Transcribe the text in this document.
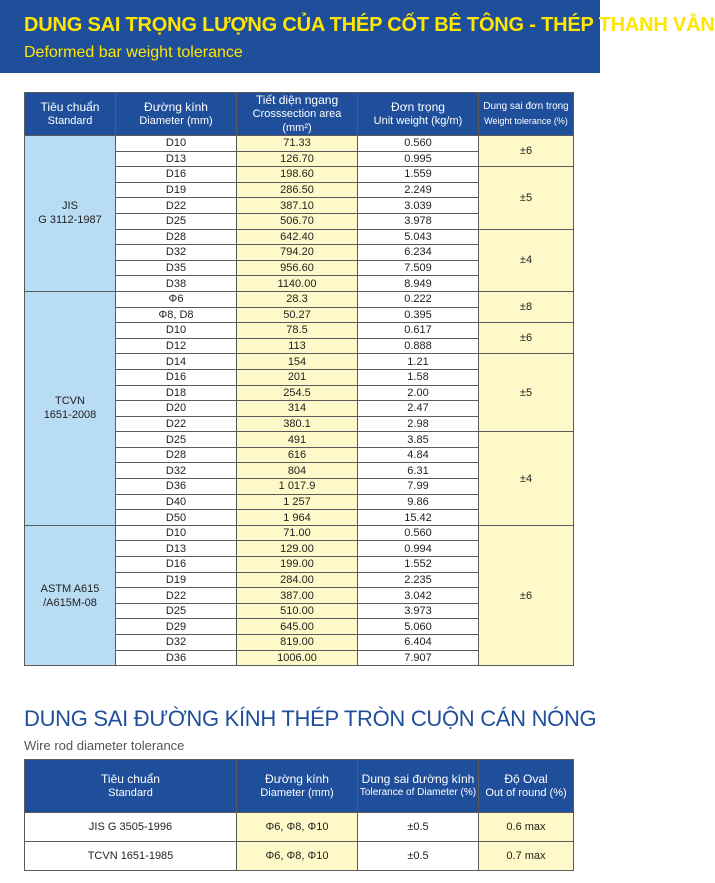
DUNG SAI TRỌNG LƯỢNG CỦA THÉP CỐT BÊ TÔNG - THÉP THANH VẰN
Deformed bar weight tolerance
Tiêu chuẩn
Standard	Đường kính
Diameter (mm)	Tiết diện ngang
Crosssection area (mm²)	Đơn trọng
Unit weight (kg/m)	Dung sai đơn trọng
Weight tolerance (%)

JIS
G 3112-1987	D10	71.33	0.560	±6
	D13	126.70	0.995	
	D16	198.60	1.559	±5
	D19	286.50	2.249	
	D22	387.10	3.039	
	D25	506.70	3.978	
	D28	642.40	5.043	±4
	D32	794.20	6.234	
	D35	956.60	7.509	
	D38	1140.00	8.949	

TCVN
1651-2008	Φ6	28.3	0.222	±8
	Φ8, D8	50.27	0.395	
	D10	78.5	0.617	±6
	D12	113	0.888	
	D14	154	1.21	±5
	D16	201	1.58	
	D18	254.5	2.00	
	D20	314	2.47	
	D22	380.1	2.98	
	D25	491	3.85	±4
	D28	616	4.84	
	D32	804	6.31	
	D36	1 017.9	7.99	
	D40	1 257	9.86	
	D50	1 964	15.42	

ASTM A615
/A615M-08	D10	71.00	0.560	±6
	D13	129.00	0.994	
	D16	199.00	1.552	
	D19	284.00	2.235	
	D22	387.00	3.042	
	D25	510.00	3.973	
	D29	645.00	5.060	
	D32	819.00	6.404	
	D36	1006.00	7.907	
DUNG SAI ĐƯỜNG KÍNH THÉP TRÒN CUỘN CÁN NÓNG
Wire rod diameter tolerance
Tiêu chuẩn
Standard	Đường kính
Diameter (mm)	Dung sai đường kính
Tolerance of Diameter (%)	Độ Oval
Out of round (%)

JIS G 3505-1996	Φ6, Φ8, Φ10	±0.5	0.6 max
TCVN 1651-1985	Φ6, Φ8, Φ10	±0.5	0.7 max
